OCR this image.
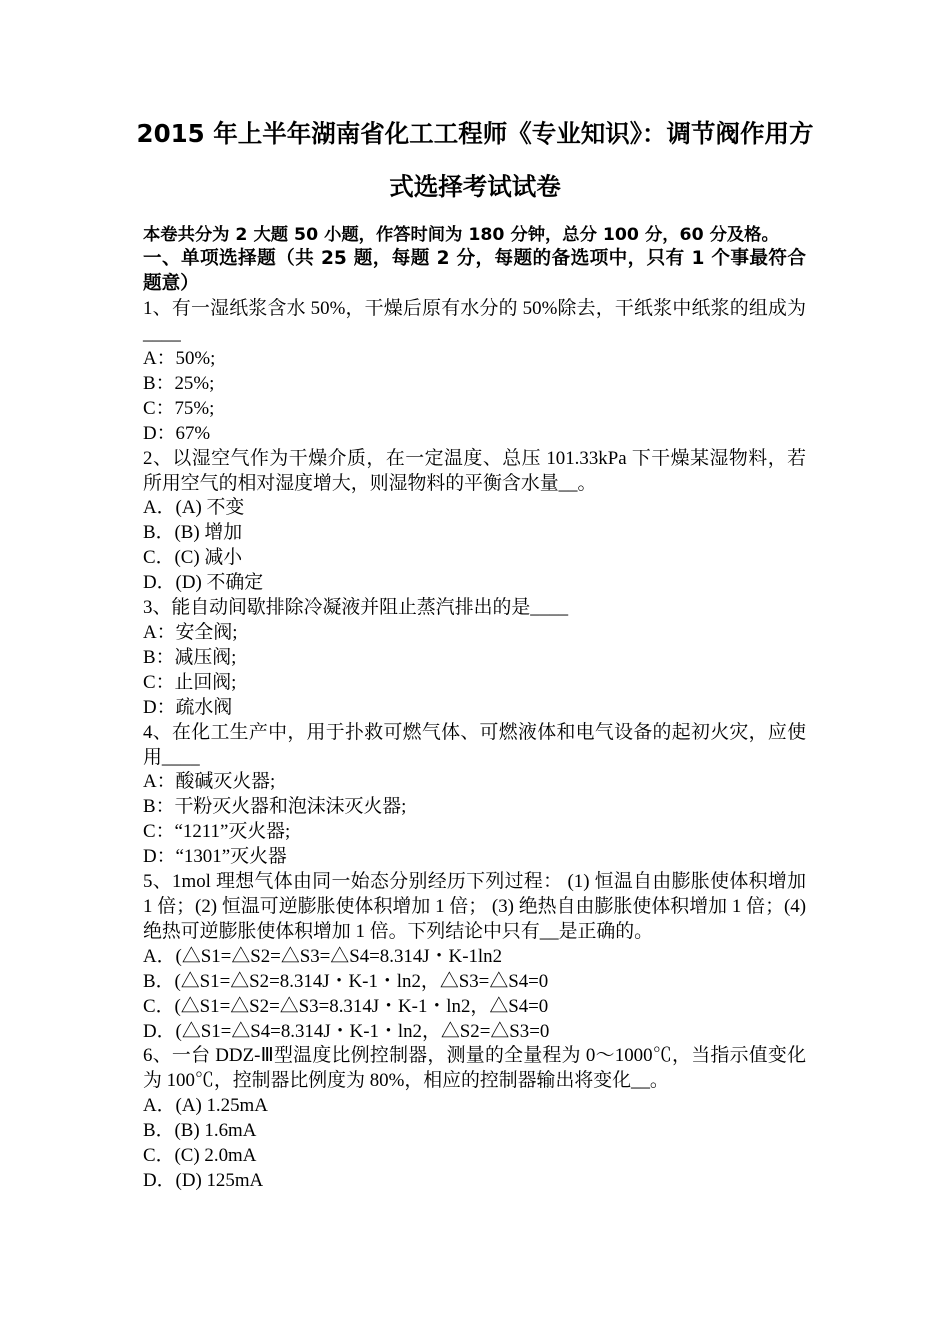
2015 年上半年湖南省化工工程师《专业知识》：调节阀作用方式选择考试试卷
本卷共分为 2 大题 50 小题，作答时间为 180 分钟，总分 100 分，60 分及格。
一、单项选择题（共 25 题，每题 2 分，每题的备选项中，只有 1 个事最符合题意）
1、有一湿纸浆含水 50%，干燥后原有水分的 50%除去，干纸浆中纸浆的组成为____
A：50%;
B：25%;
C：75%;
D：67%
2、以湿空气作为干燥介质，在一定温度、总压 101.33kPa 下干燥某湿物料，若所用空气的相对湿度增大，则湿物料的平衡含水量__。
A．(A) 不变
B．(B) 增加
C．(C) 减小
D．(D) 不确定
3、能自动间歇排除冷凝液并阻止蒸汽排出的是____
A：安全阀;
B：减压阀;
C：止回阀;
D：疏水阀
4、在化工生产中，用于扑救可燃气体、可燃液体和电气设备的起初火灾，应使用____
A：酸碱灭火器;
B：干粉灭火器和泡沫沫灭火器;
C：“1211”灭火器;
D：“1301”灭火器
5、1mol 理想气体由同一始态分别经历下列过程： (1) 恒温自由膨胀使体积增加 1 倍；(2) 恒温可逆膨胀使体积增加 1 倍； (3) 绝热自由膨胀使体积增加 1 倍；(4) 绝热可逆膨胀使体积增加 1 倍。下列结论中只有__是正确的。
A．(△S1=△S2=△S3=△S4=8.314J・K-1ln2
B．(△S1=△S2=8.314J・K-1・ln2，△S3=△S4=0
C．(△S1=△S2=△S3=8.314J・K-1・ln2，△S4=0
D．(△S1=△S4=8.314J・K-1・ln2，△S2=△S3=0
6、一台 DDZ-Ⅲ型温度比例控制器，测量的全量程为 0～1000℃，当指示值变化为 100℃，控制器比例度为 80%，相应的控制器输出将变化__。
A．(A) 1.25mA
B．(B) 1.6mA
C．(C) 2.0mA
D．(D) 125mA
